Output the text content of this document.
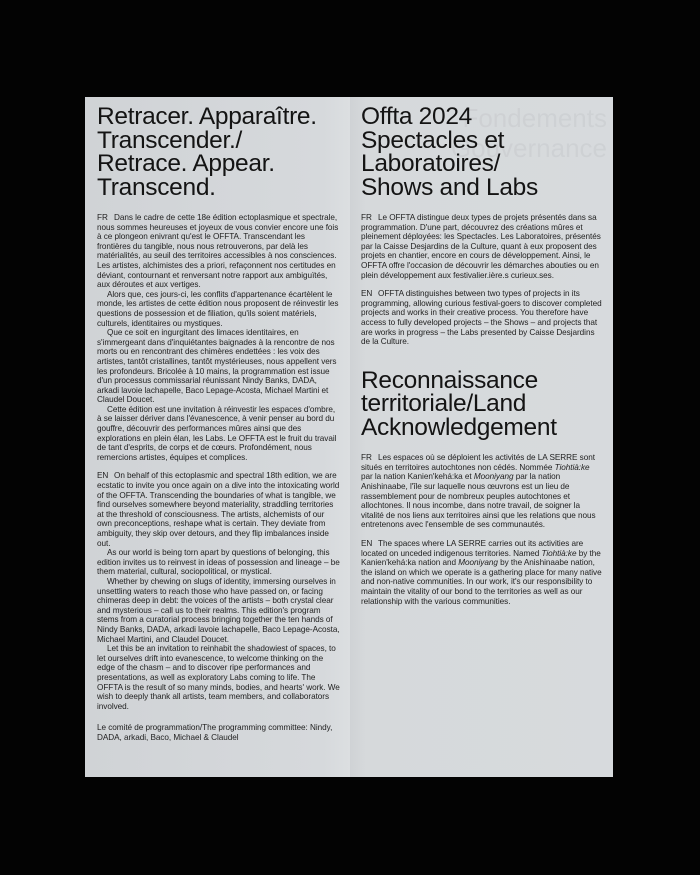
Retracer. Apparaître.
Transcender./
Retrace. Appear.
Transcend.

FR Dans le cadre de cette 18e édition ectoplasmique et spectrale, nous sommes heureuses et joyeux de vous convier encore une fois à ce plongeon enivrant qu'est le OFFTA. Transcendant les frontières du tangible, nous nous retrouverons, par delà les matérialités, au seuil des territoires accessibles à nos consciences. Les artistes, alchimistes des a priori, refaçonnent nos certitudes en déviant, contournant et renversant notre rapport aux ambiguïtés, aux déroutes et aux vertiges.

Alors que, ces jours-ci, les conflits d'appartenance écartèlent le monde, les artistes de cette édition nous proposent de réinvestir les questions de possession et de filiation, qu'ils soient matériels, culturels, identitaires ou mystiques.

Que ce soit en ingurgitant des limaces identitaires, en s'immergeant dans d'inquiétantes baignades à la rencontre de nos morts ou en rencontrant des chimères endettées : les voix des artistes, tantôt cristallines, tantôt mystérieuses, nous appellent vers les profondeurs. Bricolée à 10 mains, la programmation est issue d'un processus commissarial réunissant Nindy Banks, DADA, arkadi lavoie lachapelle, Baco Lepage-Acosta, Michael Martini et Claudel Doucet.

Cette édition est une invitation à réinvestir les espaces d'ombre, à se laisser dériver dans l'évanescence, à venir penser au bord du gouffre, découvrir des performances mûres ainsi que des explorations en plein élan, les Labs. Le OFFTA est le fruit du travail de tant d'esprits, de corps et de cœurs. Profondément, nous remercions artistes, équipes et complices.

EN On behalf of this ectoplasmic and spectral 18th edition, we are ecstatic to invite you once again on a dive into the intoxicating world of the OFFTA. Transcending the boundaries of what is tangible, we find ourselves somewhere beyond materiality, straddling territories at the threshold of consciousness. The artists, alchemists of our own preconceptions, reshape what is certain. They deviate from ambiguity, they skip over detours, and they flip imbalances inside out.

As our world is being torn apart by questions of belonging, this edition invites us to reinvest in ideas of possession and lineage – be them material, cultural, sociopolitical, or mystical.

Whether by chewing on slugs of identity, immersing ourselves in unsettling waters to reach those who have passed on, or facing chimeras deep in debt: the voices of the artists – both crystal clear and mysterious – call us to their realms. This edition's program stems from a curatorial process bringing together the ten hands of Nindy Banks, DADA, arkadi lavoie lachapelle, Baco Lepage-Acosta, Michael Martini, and Claudel Doucet.

Let this be an invitation to reinhabit the shadowiest of spaces, to let ourselves drift into evanescence, to welcome thinking on the edge of the chasm – and to discover ripe performances and presentations, as well as exploratory Labs coming to life. The OFFTA is the result of so many minds, bodies, and hearts' work. We wish to deeply thank all artists, team members, and collaborators involved.

Le comité de programmation/The programming committee: Nindy, DADA, arkadi, Baco, Michael & Claudel

Offta 2024
Spectacles et
Laboratoires/
Shows and Labs

FR Le OFFTA distingue deux types de projets présentés dans sa programmation. D'une part, découvrez des créations mûres et pleinement déployées: les Spectacles. Les Laboratoires, présentés par la Caisse Desjardins de la Culture, quant à eux proposent des projets en chantier, encore en cours de développement. Ainsi, le OFFTA offre l'occasion de découvrir les démarches abouties ou en plein développement aux festivalier.ière.s curieux.ses.

EN OFFTA distinguishes between two types of projects in its programming, allowing curious festival-goers to discover completed projects and works in their creative process. You therefore have access to fully developed projects – the Shows – and projects that are works in progress – the Labs presented by Caisse Desjardins de la Culture.

Reconnaissance
territoriale/Land
Acknowledgement

FR Les espaces où se déploient les activités de LA SERRE sont situés en territoires autochtones non cédés. Nommée Tiohtià:ke par la nation Kanien'kehá:ka et Mooniyang par la nation Anishinaabe, l'île sur laquelle nous œuvrons est un lieu de rassemblement pour de nombreux peuples autochtones et allochtones. Il nous incombe, dans notre travail, de soigner la vitalité de nos liens aux territoires ainsi que les relations que nous entretenons avec l'ensemble de ses communautés.

EN The spaces where LA SERRE carries out its activities are located on unceded indigenous territories. Named Tiohtià:ke by the Kanien'kehá:ka nation and Mooniyang by the Anishinaabe nation, the island on which we operate is a gathering place for many native and non-native communities. In our work, it's our responsibility to maintain the vitality of our bond to the territories as well as our relationship with the various communities.
